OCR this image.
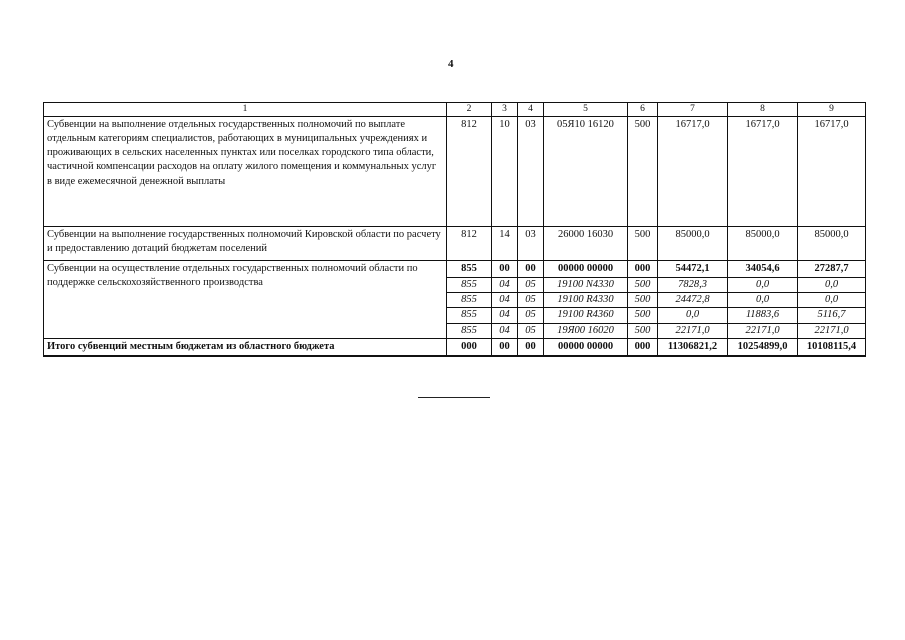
4
1	2	3	4	5	6	7	8	9
Субвенции на выполнение отдельных государственных полномочий по выплате отдельным категориям специалистов, работающих в муниципальных учреждениях и проживающих в сельских населенных пунктах или поселках городского типа области, частичной компенсации расходов на оплату жилого помещения и коммунальных услуг в виде ежемесячной денежной выплаты	812	10	03	05Я10 16120	500	16717,0	16717,0	16717,0
Субвенции на выполнение государственных полномочий Кировской области по расчету и предоставлению дотаций бюджетам поселений	812	14	03	26000 16030	500	85000,0	85000,0	85000,0
Субвенции на осуществление отдельных государственных полномочий области по поддержке сельскохозяйственного производства	855	00	00	00000 00000	000	54472,1	34054,6	27287,7
	855	04	05	19100 N4330	500	7828,3	0,0	0,0
	855	04	05	19100 R4330	500	24472,8	0,0	0,0
	855	04	05	19100 R4360	500	0,0	11883,6	5116,7
	855	04	05	19Я00 16020	500	22171,0	22171,0	22171,0
Итого субвенций местным бюджетам из областного бюджета	000	00	00	00000 00000	000	11306821,2	10254899,0	10108115,4
